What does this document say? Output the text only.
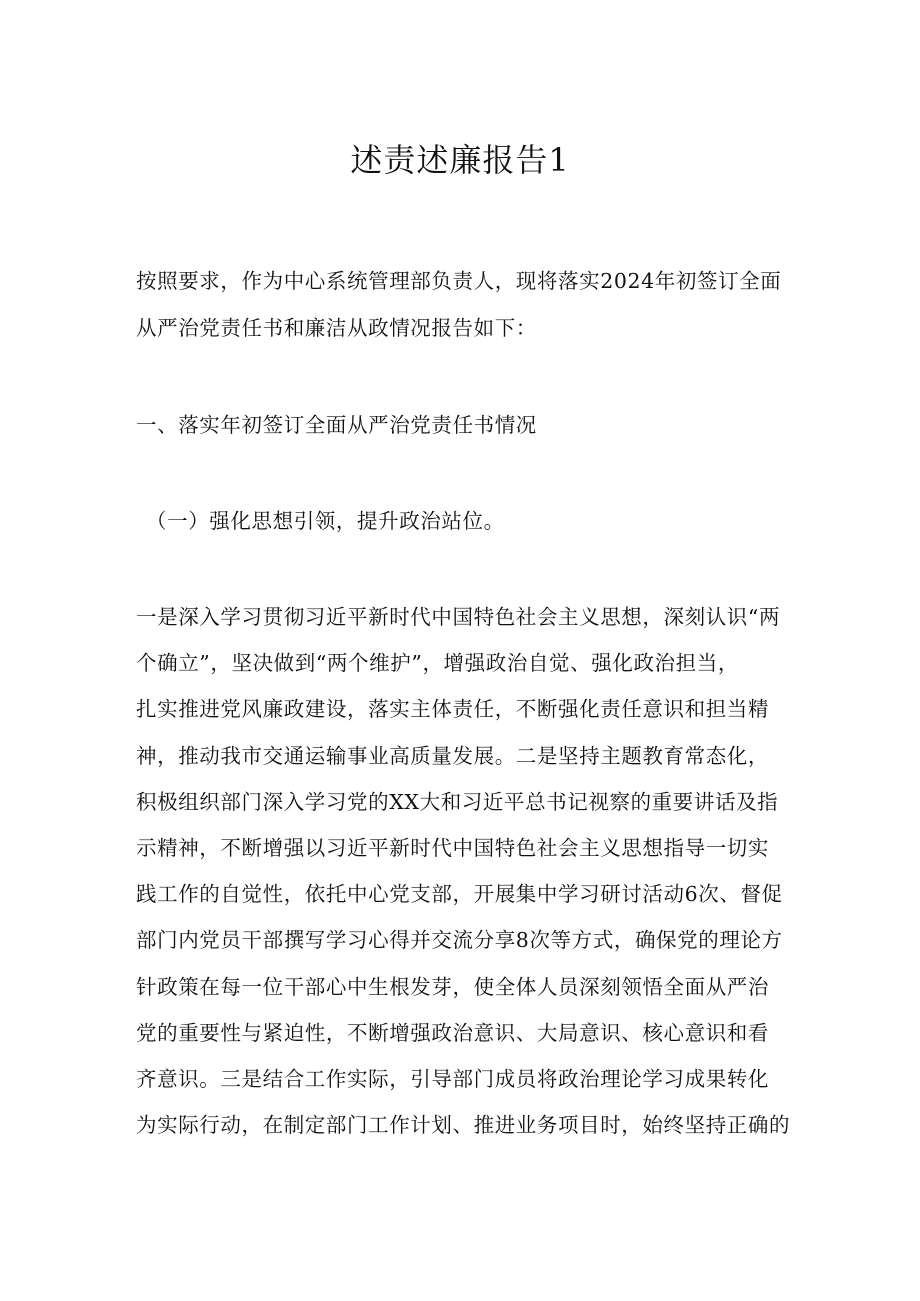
述责述廉报告1

按照要求，作为中心系统管理部负责人，现将落实2024年初签订全面
从严治党责任书和廉洁从政情况报告如下：

一、落实年初签订全面从严治党责任书情况

（一）强化思想引领，提升政治站位。

一是深入学习贯彻习近平新时代中国特色社会主义思想，深刻认识“两
个确立”，坚决做到“两个维护”，增强政治自觉、强化政治担当，
扎实推进党风廉政建设，落实主体责任，不断强化责任意识和担当精
神，推动我市交通运输事业高质量发展。二是坚持主题教育常态化，
积极组织部门深入学习党的XX大和习近平总书记视察的重要讲话及指
示精神，不断增强以习近平新时代中国特色社会主义思想指导一切实
践工作的自觉性，依托中心党支部，开展集中学习研讨活动6次、督促
部门内党员干部撰写学习心得并交流分享8次等方式，确保党的理论方
针政策在每一位干部心中生根发芽，使全体人员深刻领悟全面从严治
党的重要性与紧迫性，不断增强政治意识、大局意识、核心意识和看
齐意识。三是结合工作实际，引导部门成员将政治理论学习成果转化
为实际行动，在制定部门工作计划、推进业务项目时，始终坚持正确的
